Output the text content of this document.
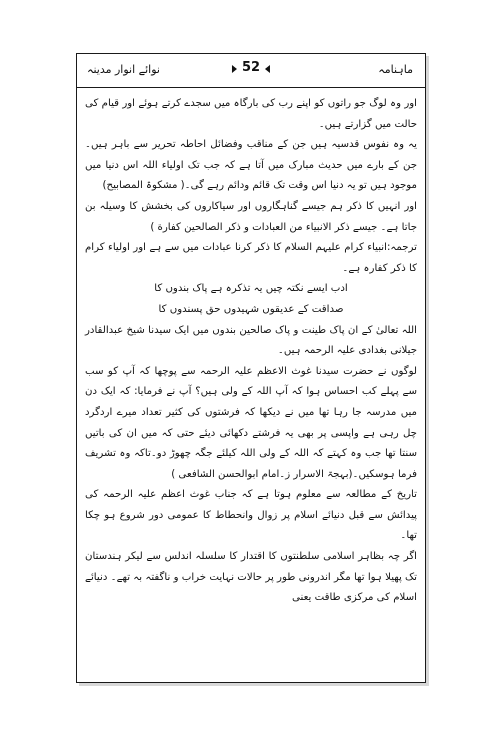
نوائے انوار مدینہ	52	ماہنامہ

اور وہ لوگ جو راتوں کو اپنے رب کی بارگاہ میں سجدے کرتے ہوئے اور قیام کی حالت میں گزارتے ہیں۔

یہ وہ نفوس قدسیہ ہیں جن کے مناقب وفضائل احاطہ تحریر سے باہر ہیں۔جن کے بارے میں حدیث مبارک میں آتا ہے کہ جب تک اولیاء اللہ اس دنیا میں موجود ہیں تو یہ دنیا اس وقت تک قائم ودائم رہے گی۔( مشکوۃ المصابیح)

اور انہیں کا ذکر ہم جیسے گناہگاروں اور سیاکاروں کی بخشش کا وسیلہ بن جاتا ہے۔ جیسے ذکر الانبیاء من العبادات و ذکر الصالحین کفارة )

ترجمہ:انبیاء کرام علیہم السلام کا ذکر کرنا عبادات میں سے ہے اور اولیاء کرام کا ذکر کفارہ ہے۔

ادب ایسے نکتہ چیں یہ تذکرہ ہے پاک بندوں کا

صداقت کے عدیقوں شہیدوں حق پسندوں کا

اللہ تعالیٰ کے ان پاک طینت و پاک صالحین بندوں میں ایک سیدنا شیخ عبدالقادر جیلانی بغدادی علیہ الرحمہ ہیں۔

لوگوں نے حضرت سیدنا غوث الاعظم علیہ الرحمہ سے پوچھا کہ آپ کو سب سے پہلے کب احساس ہوا کہ آپ اللہ کے ولی ہیں؟ آپ نے فرمایا: کہ ایک دن میں مدرسہ جا رہا تھا میں نے دیکھا کہ فرشتوں کی کثیر تعداد میرے اردگرد چل رہی ہے واپسی پر بھی یہ فرشتے دکھائی دیئے حتی کہ میں ان کی باتیں سنتا تھا جب وہ کہتے کہ اللہ کے ولی اللہ کیلئے جگہ چھوڑ دو۔تاکہ وہ تشریف فرما ہوسکیں۔(بہجۃ الاسرار ز۔امام ابوالحسن الشافعی )

تاریخ کے مطالعہ سے معلوم ہوتا ہے کہ جناب غوث اعظم علیہ الرحمہ کی پیدائش سے قبل دنیائے اسلام پر زوال وانحطاط کا عمومی دور شروع ہو چکا تھا۔

اگر چہ بظاہر اسلامی سلطنتوں کا اقتدار کا سلسلہ اندلس سے لیکر ہندستان تک پھیلا ہوا تھا مگر اندرونی طور پر حالات نہایت خراب و ناگفتہ بہ تھے۔ دنیائے اسلام کی مرکزی طاقت یعنی
